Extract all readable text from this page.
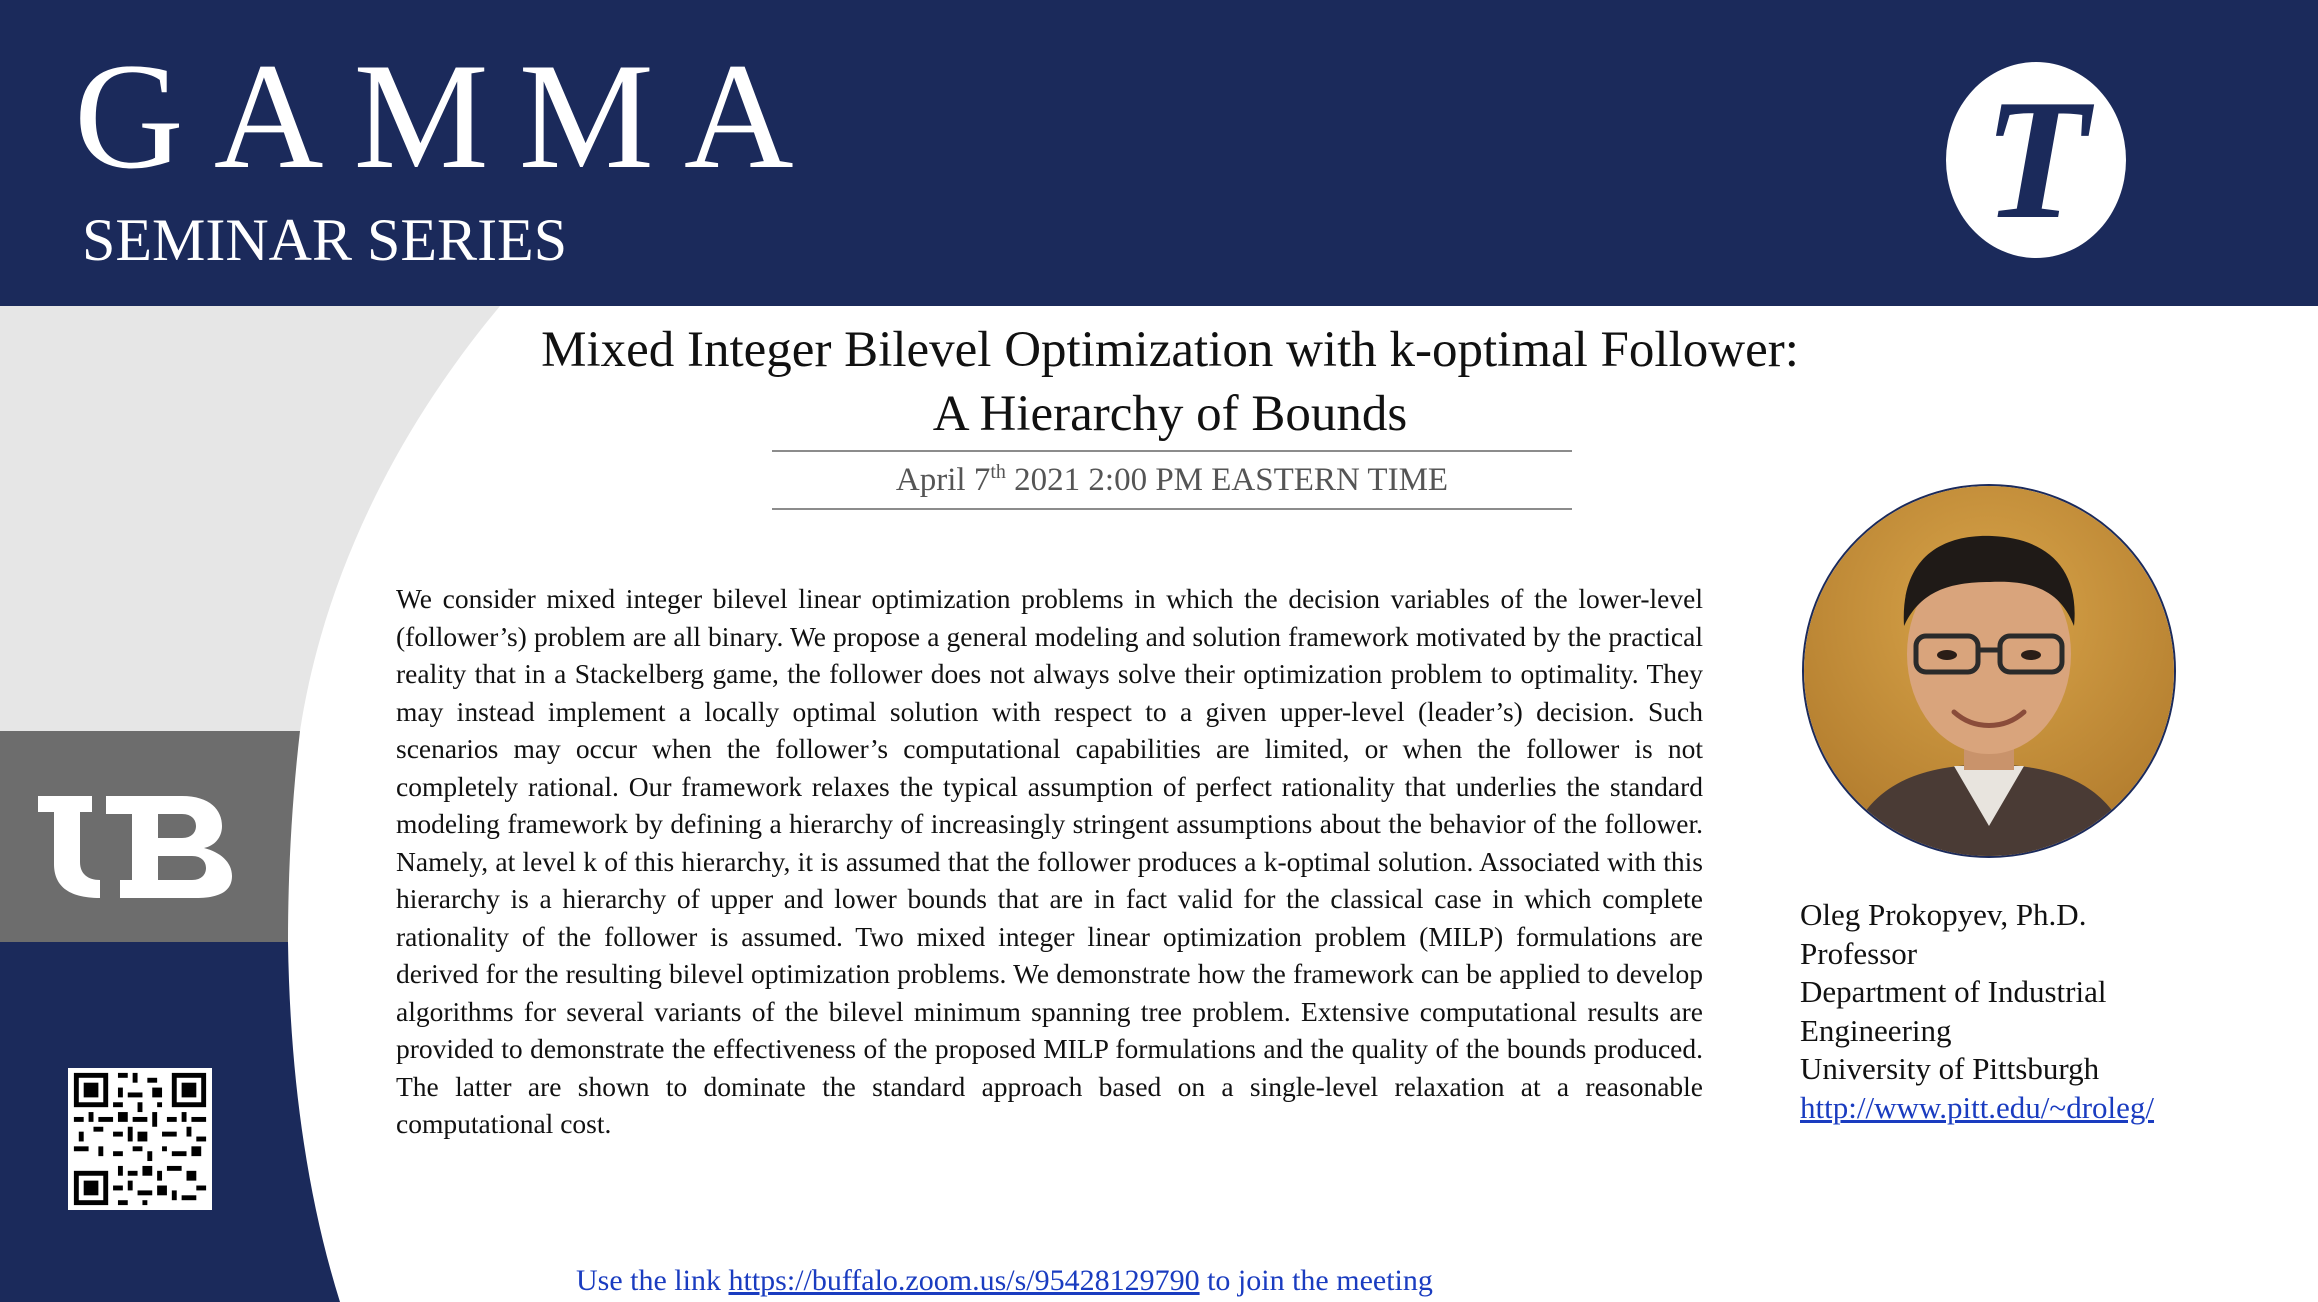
GAMMA
SEMINAR SERIES	T
Mixed Integer Bilevel Optimization with k-optimal Follower:
A Hierarchy of Bounds
April 7th 2021 2:00 PM EASTERN TIME

We consider mixed integer bilevel linear optimization problems in which the decision variables of the lower-level (follower’s) problem are all binary. We propose a general modeling and solution framework motivated by the practical reality that in a Stackelberg game, the follower does not always solve their optimization problem to optimality. They may instead implement a locally optimal solution with respect to a given upper-level (leader’s) decision. Such scenarios may occur when the follower’s computational capabilities are limited, or when the follower is not completely rational. Our framework relaxes the typical assumption of perfect rationality that underlies the standard modeling framework by defining a hierarchy of increasingly stringent assumptions about the behavior of the follower. Namely, at level k of this hierarchy, it is assumed that the follower produces a k-optimal solution. Associated with this hierarchy is a hierarchy of upper and lower bounds that are in fact valid for the classical case in which complete rationality of the follower is assumed. Two mixed integer linear optimization problem (MILP) formulations are derived for the resulting bilevel optimization problems. We demonstrate how the framework can be applied to develop algorithms for several variants of the bilevel minimum spanning tree problem. Extensive computational results are provided to demonstrate the effectiveness of the proposed MILP formulations and the quality of the bounds produced. The latter are shown to dominate the standard approach based on a single-level relaxation at a reasonable computational cost.

Oleg Prokopyev, Ph.D.
Professor
Department of Industrial
Engineering
University of Pittsburgh
http://www.pitt.edu/~droleg/

Use the link https://buffalo.zoom.us/s/95428129790 to join the meeting
